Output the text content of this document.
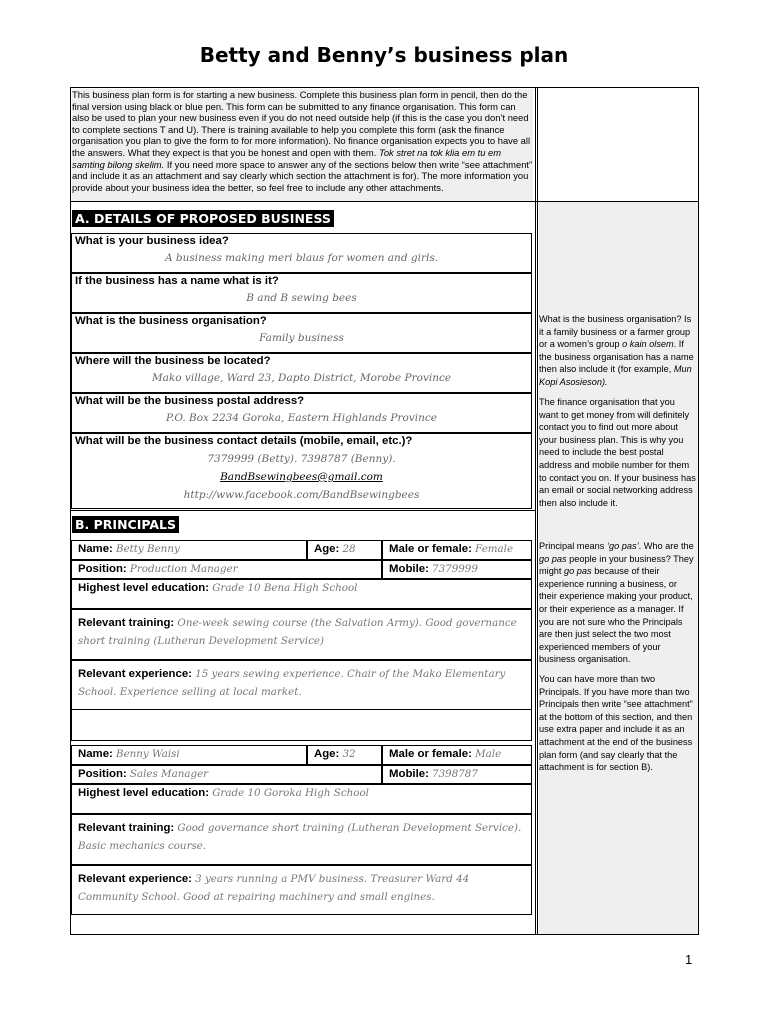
Betty and Benny’s business plan

This business plan form is for starting a new business. Complete this business plan form in pencil, then do the final version using black or blue pen. This form can be submitted to any finance organisation. This form can also be used to plan your new business even if you do not need outside help (if this is the case you don’t need to complete sections T and U). There is training available to help you complete this form (ask the finance organisation you plan to give the form to for more information). No finance organisation expects you to have all the answers. What they expect is that you be honest and open with them. Tok stret na tok klia em tu em samting bilong skelim. If you need more space to answer any of the sections below then write “see attachment” and include it as an attachment and say clearly which section the attachment is for). The more information you provide about your business idea the better, so feel free to include any other attachments.

A. DETAILS OF PROPOSED BUSINESS
What is your business idea?
A business making meri blaus for women and girls.
If the business has a name what is it?
B and B sewing bees
What is the business organisation?
Family business
Where will the business be located?
Mako village, Ward 23, Dapto District, Morobe Province
What will be the business postal address?
P.O. Box 2234 Goroka, Eastern Highlands Province
What will be the business contact details (mobile, email, etc.)?
7379999 (Betty). 7398787 (Benny).
BandBsewingbees@gmail.com
http://www.facebook.com/BandBsewingbees
B. PRINCIPALS
Name: Betty Benny	Age: 28	Male or female: Female
Position: Production Manager	Mobile: 7379999
Highest level education: Grade 10 Bena High School
Relevant training: One-week sewing course (the Salvation Army). Good governance short training (Lutheran Development Service)
Relevant experience: 15 years sewing experience. Chair of the Mako Elementary School. Experience selling at local market.
Name: Benny Waisi	Age: 32	Male or female: Male
Position: Sales Manager	Mobile: 7398787
Highest level education: Grade 10 Goroka High School
Relevant training: Good governance short training (Lutheran Development Service). Basic mechanics course.
Relevant experience: 3 years running a PMV business. Treasurer Ward 44 Community School. Good at repairing machinery and small engines.

What is the business organisation? Is it a family business or a farmer group or a women’s group o kain olsem. If the business organisation has a name then also include it (for example, Mun Kopi Asosieson).

The finance organisation that you want to get money from will definitely contact you to find out more about your business plan. This is why you need to include the best postal address and mobile number for them to contact you on. If your business has an email or social networking address then also include it.

Principal means ‘go pas’. Who are the go pas people in your business? They might go pas because of their experience running a business, or their experience making your product, or their experience as a manager. If you are not sure who the Principals are then just select the two most experienced members of your business organisation.

You can have more than two Principals. If you have more than two Principals then write “see attachment” at the bottom of this section, and then use extra paper and include it as an attachment at the end of the business plan form (and say clearly that the attachment is for section B).

1
